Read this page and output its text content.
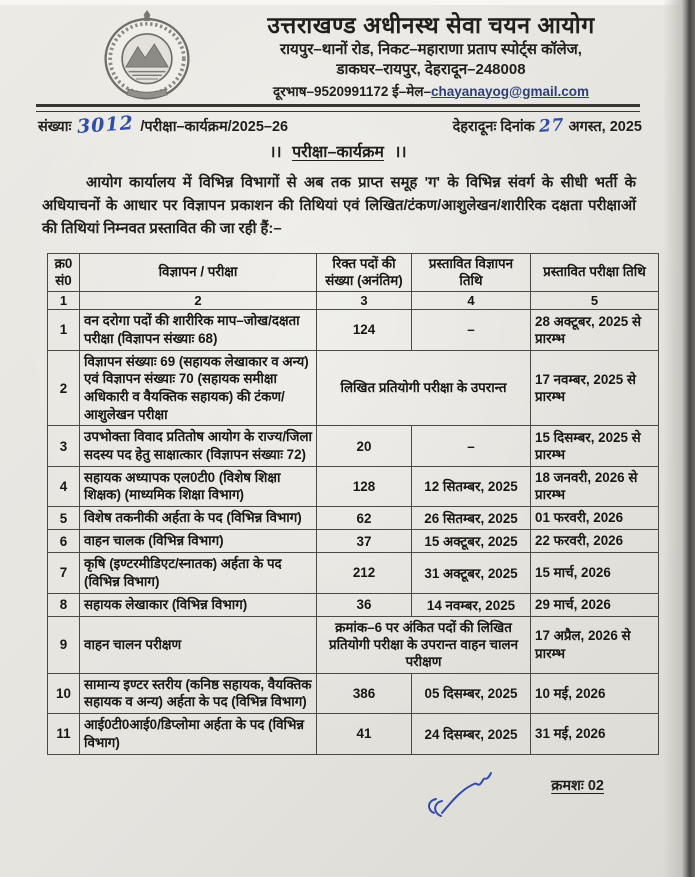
उत्तराखण्ड अधीनस्थ सेवा चयन आयोग
रायपुर–थानों रोड, निकट–महाराणा प्रताप स्पोर्ट्स कॉलेज,
डाकघर–रायपुर, देहरादून–248008
दूरभाष–9520991172 ई–मेल–chayanayog@gmail.com
संख्याः 3012 /परीक्षा–कार्यक्रम/2025–26	देहरादूनः दिनांक 27 अगस्त, 2025
।। परीक्षा–कार्यक्रम ।।

आयोग कार्यालय में विभिन्न विभागों से अब तक प्राप्त समूह 'ग' के विभिन्न संवर्ग के सीधी भर्ती के अधियाचनों के आधार पर विज्ञापन प्रकाशन की तिथियां एवं लिखित/टंकण/आशुलेखन/शारीरिक दक्षता परीक्षाओं की तिथियां निम्नवत प्रस्तावित की जा रही हैं:–

क्र0 सं0	विज्ञापन / परीक्षा	रिक्त पदों की संख्या (अनंतिम)	प्रस्तावित विज्ञापन तिथि	प्रस्तावित परीक्षा तिथि
1	2	3	4	5
1	वन दरोगा पदों की शारीरिक माप–जोख/दक्षता परीक्षा (विज्ञापन संख्याः 68)	124	–	28 अक्टूबर, 2025 से प्रारम्भ
2	विज्ञापन संख्याः 69 (सहायक लेखाकार व अन्य) एवं विज्ञापन संख्याः 70 (सहायक समीक्षा अधिकारी व वैयक्तिक सहायक) की टंकण/आशुलेखन परीक्षा	लिखित प्रतियोगी परीक्षा के उपरान्त		17 नवम्बर, 2025 से प्रारम्भ
3	उपभोक्ता विवाद प्रतितोष आयोग के राज्य/जिला सदस्य पद हेतु साक्षात्कार (विज्ञापन संख्याः 72)	20	–	15 दिसम्बर, 2025 से प्रारम्भ
4	सहायक अध्यापक एल0टी0 (विशेष शिक्षा शिक्षक) (माध्यमिक शिक्षा विभाग)	128	12 सितम्बर, 2025	18 जनवरी, 2026 से प्रारम्भ
5	विशेष तकनीकी अर्हता के पद (विभिन्न विभाग)	62	26 सितम्बर, 2025	01 फरवरी, 2026
6	वाहन चालक (विभिन्न विभाग)	37	15 अक्टूबर, 2025	22 फरवरी, 2026
7	कृषि (इण्टरमीडिएट/स्नातक) अर्हता के पद (विभिन्न विभाग)	212	31 अक्टूबर, 2025	15 मार्च, 2026
8	सहायक लेखाकार (विभिन्न विभाग)	36	14 नवम्बर, 2025	29 मार्च, 2026
9	वाहन चालन परीक्षण	क्रमांक–6 पर अंकित पदों की लिखित प्रतियोगी परीक्षा के उपरान्त वाहन चालन परीक्षण		17 अप्रैल, 2026 से प्रारम्भ
10	सामान्य इण्टर स्तरीय (कनिष्ठ सहायक, वैयक्तिक सहायक व अन्य) अर्हता के पद (विभिन्न विभाग)	386	05 दिसम्बर, 2025	10 मई, 2026
11	आई0टी0आई0/डिप्लोमा अर्हता के पद (विभिन्न विभाग)	41	24 दिसम्बर, 2025	31 मई, 2026
क्रमशः 02
